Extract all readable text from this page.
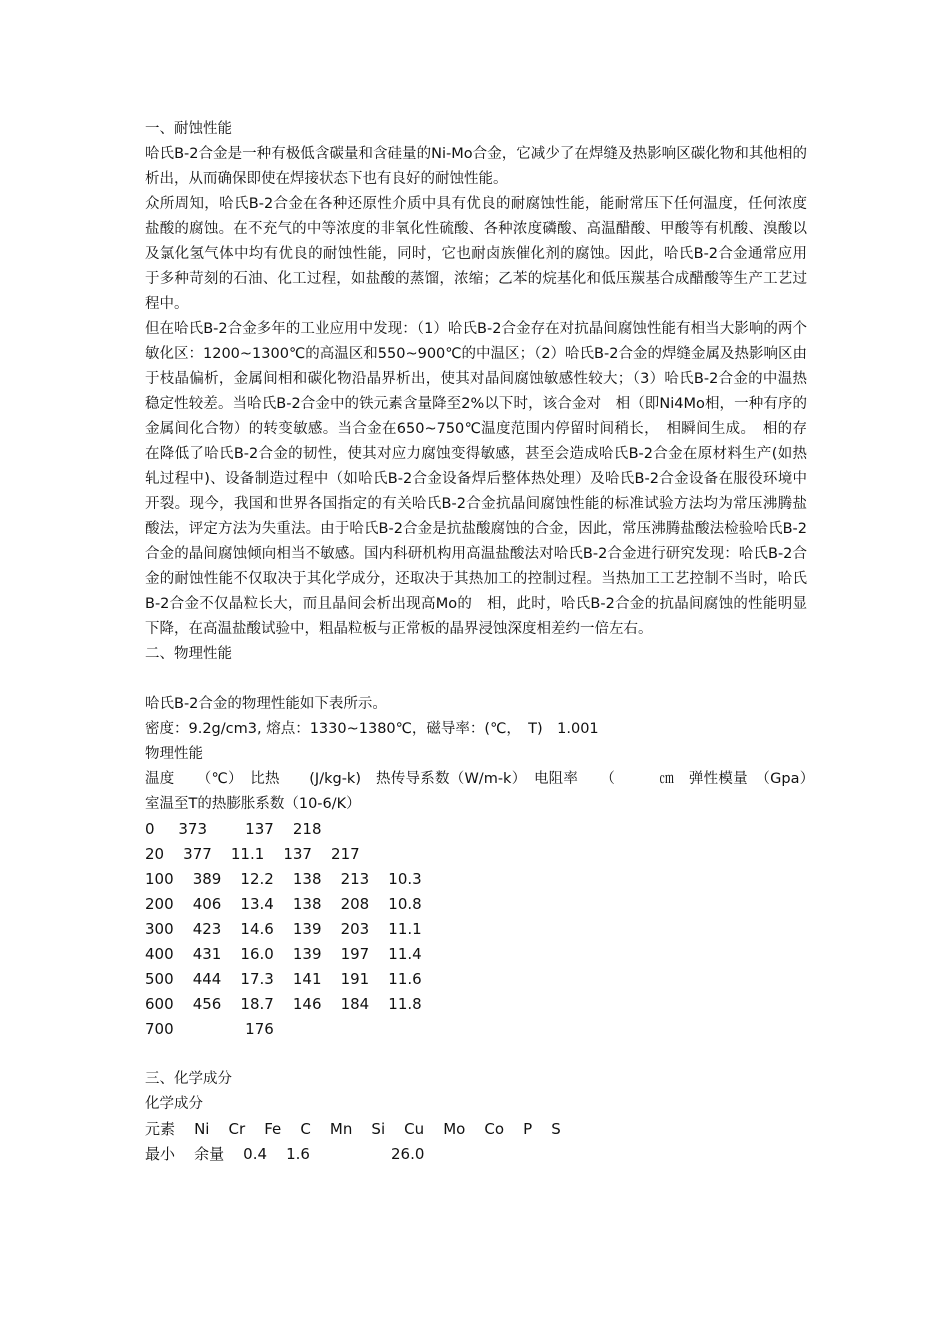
一、耐蚀性能

哈氏B-2合金是一种有极低含碳量和含硅量的Ni-Mo合金，它减少了在焊缝及热影响区碳化物和其他相的析出，从而确保即使在焊接状态下也有良好的耐蚀性能。

众所周知，哈氏B-2合金在各种还原性介质中具有优良的耐腐蚀性能，能耐常压下任何温度，任何浓度盐酸的腐蚀。在不充气的中等浓度的非氧化性硫酸、各种浓度磷酸、高温醋酸、甲酸等有机酸、溴酸以及氯化氢气体中均有优良的耐蚀性能，同时，它也耐卤族催化剂的腐蚀。因此，哈氏B-2合金通常应用于多种苛刻的石油、化工过程，如盐酸的蒸馏，浓缩；乙苯的烷基化和低压羰基合成醋酸等生产工艺过程中。

但在哈氏B-2合金多年的工业应用中发现：（1）哈氏B-2合金存在对抗晶间腐蚀性能有相当大影响的两个敏化区：1200~1300℃的高温区和550~900℃的中温区；（2）哈氏B-2合金的焊缝金属及热影响区由于枝晶偏析，金属间相和碳化物沿晶界析出，使其对晶间腐蚀敏感性较大；（3）哈氏B-2合金的中温热稳定性较差。当哈氏B-2合金中的铁元素含量降至2%以下时，该合金对　相（即Ni4Mo相，一种有序的金属间化合物）的转变敏感。当合金在650~750℃温度范围内停留时间稍长，　相瞬间生成。　相的存在降低了哈氏B-2合金的韧性，使其对应力腐蚀变得敏感，甚至会造成哈氏B-2合金在原材料生产(如热轧过程中)、设备制造过程中（如哈氏B-2合金设备焊后整体热处理）及哈氏B-2合金设备在服役环境中开裂。现今，我国和世界各国指定的有关哈氏B-2合金抗晶间腐蚀性能的标准试验方法均为常压沸腾盐酸法，评定方法为失重法。由于哈氏B-2合金是抗盐酸腐蚀的合金，因此，常压沸腾盐酸法检验哈氏B-2合金的晶间腐蚀倾向相当不敏感。国内科研机构用高温盐酸法对哈氏B-2合金进行研究发现：哈氏B-2合金的耐蚀性能不仅取决于其化学成分，还取决于其热加工的控制过程。当热加工工艺控制不当时，哈氏B-2合金不仅晶粒长大，而且晶间会析出现高Mo的　相，此时，哈氏B-2合金的抗晶间腐蚀的性能明显下降，在高温盐酸试验中，粗晶粒板与正常板的晶界浸蚀深度相差约一倍左右。

二、物理性能

哈氏B-2合金的物理性能如下表所示。

密度：9.2g/cm3, 熔点：1330~1380℃，磁导率：(℃，　T)　1.001

物理性能

温度　　（℃）　比热　　(J/kg-k)　热传导系数（W/m-k）　电阻率　　（　　　㎝　弹性模量　（Gpa）　　室温至T的热膨胀系数（10-6/K）

0     373        137    218
20    377    11.1    137    217
100    389    12.2    138    213    10.3
200    406    13.4    138    208    10.8
300    423    14.6    139    203    11.1
400    431    16.0    139    197    11.4
500    444    17.3    141    191    11.6
600    456    18.7    146    184    11.8
700               176

三、化学成分

化学成分

元素    Ni    Cr    Fe    C    Mn    Si    Cu    Mo    Co    P    S
最小    余量    0.4    1.6                 26.0
